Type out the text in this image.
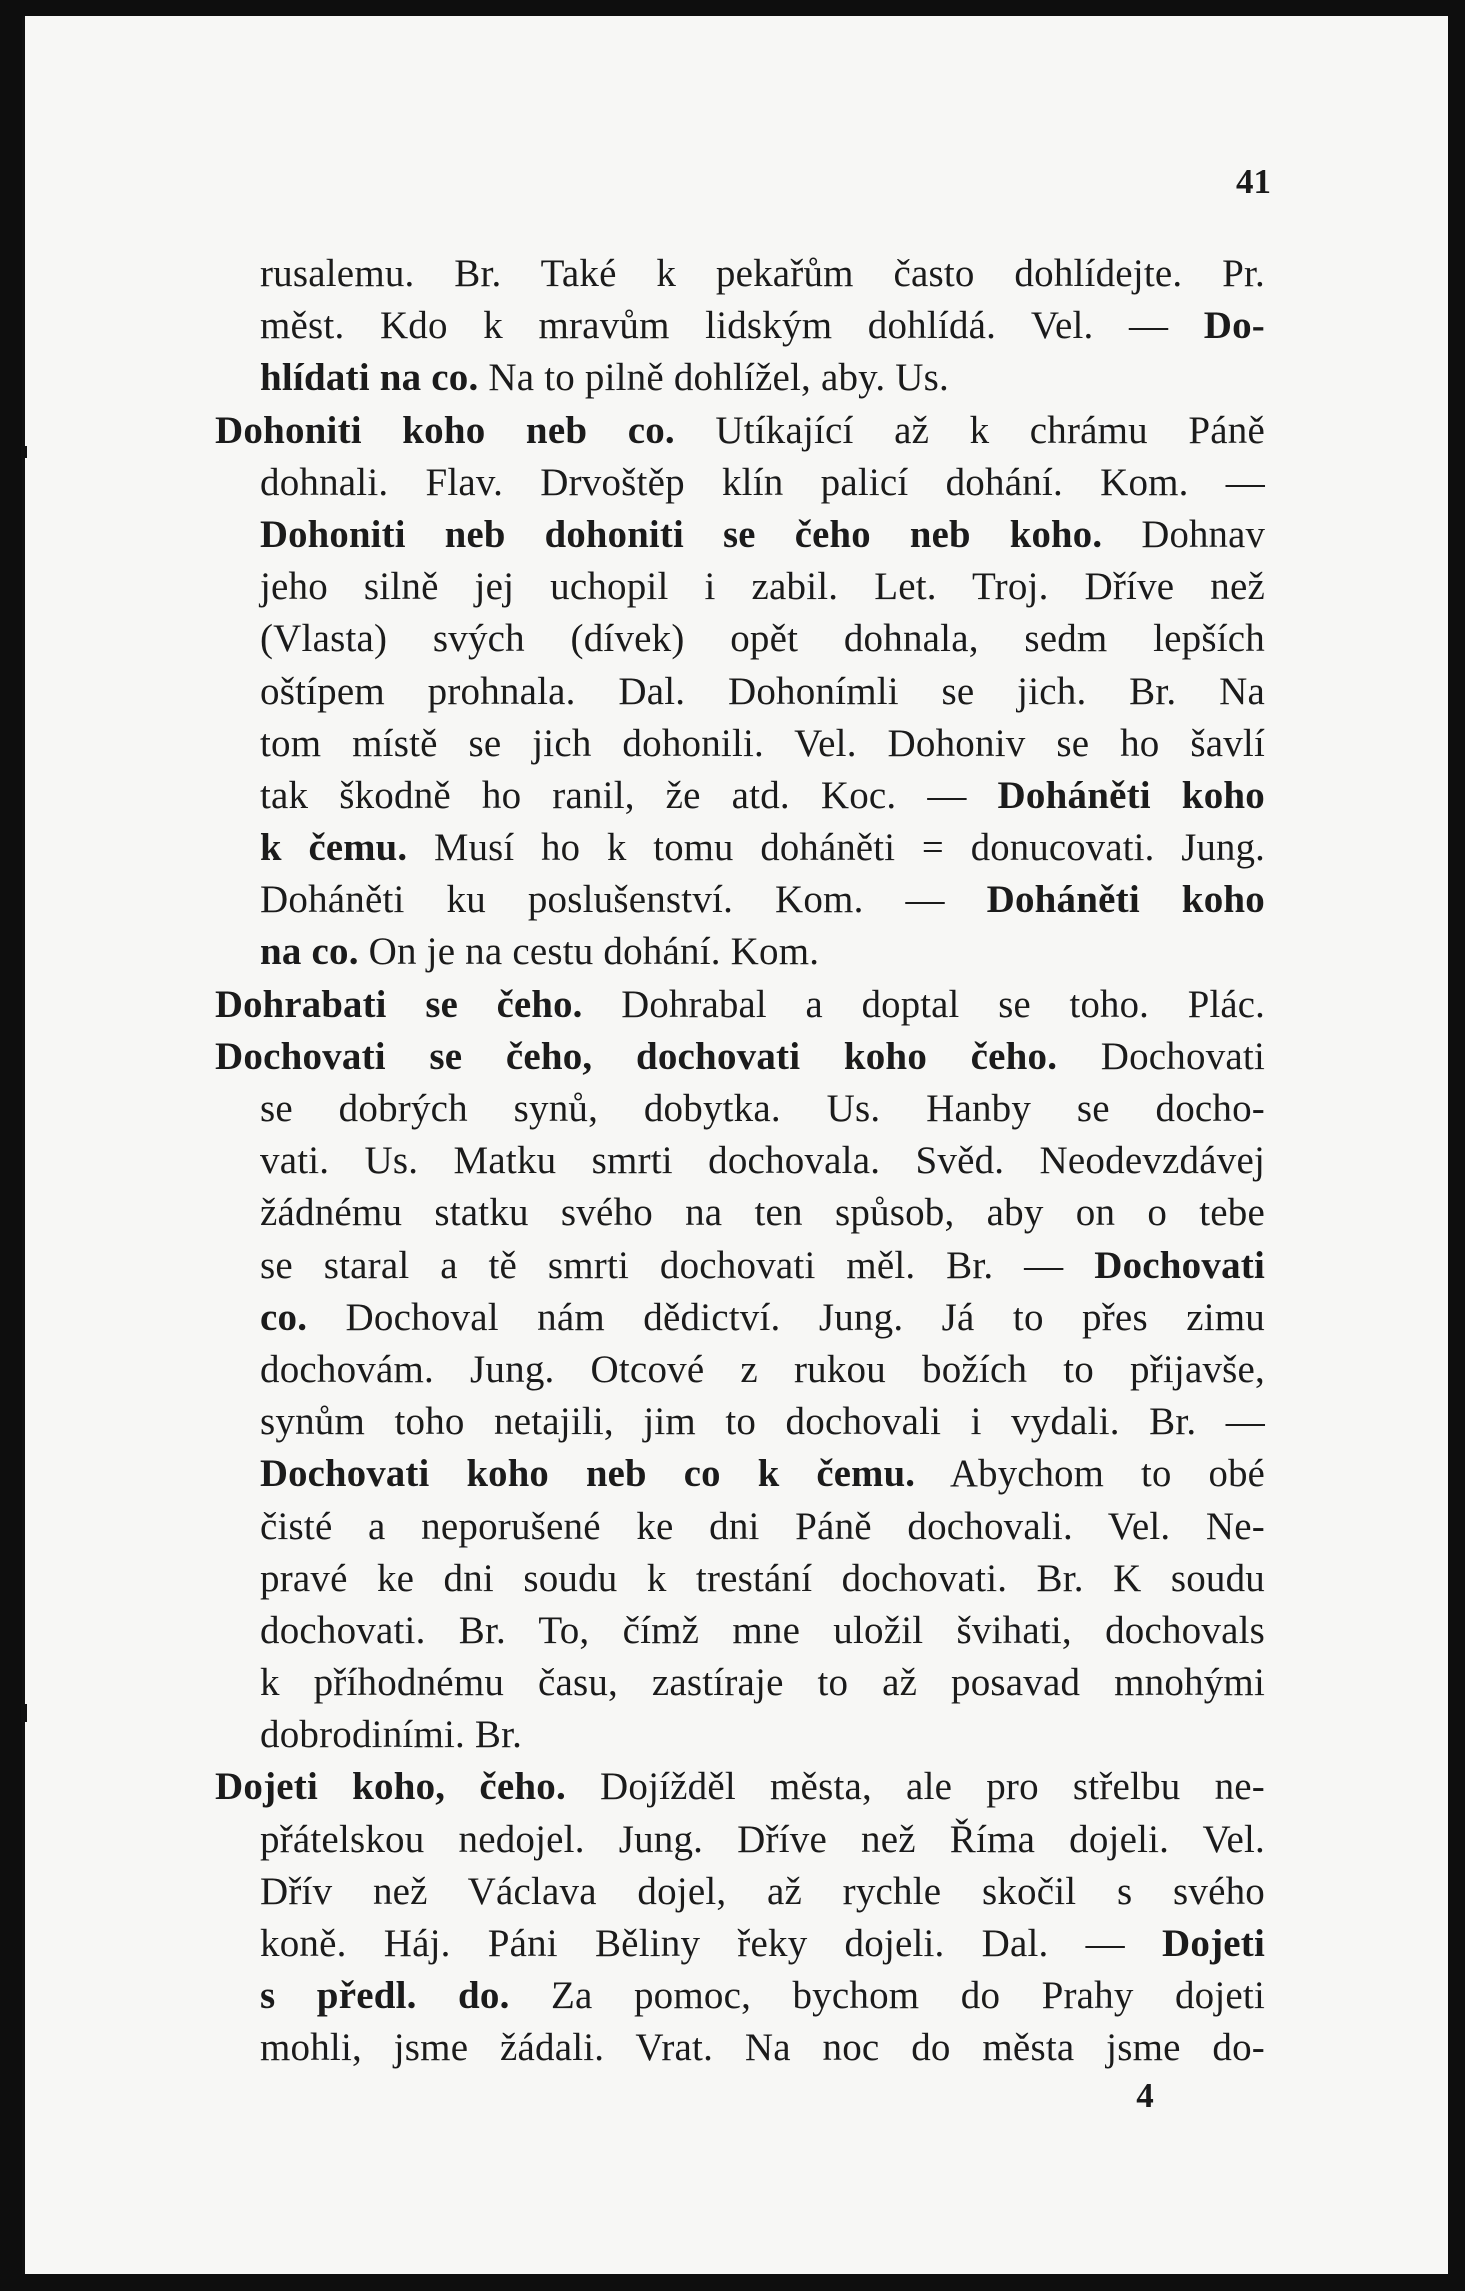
41

rusalemu. Br. Také k pekařům často dohlídejte. Pr.
měst. Kdo k mravům lidským dohlídá. Vel. — Do-
hlídati na co. Na to pilně dohlížel, aby. Us.
Dohoniti koho neb co. Utíkající až k chrámu Páně
dohnali. Flav. Drvoštěp klín palicí dohání. Kom. —
Dohoniti neb dohoniti se čeho neb koho. Dohnav
jeho silně jej uchopil i zabil. Let. Troj. Dříve než
(Vlasta) svých (dívek) opět dohnala, sedm lepších
oštípem prohnala. Dal. Dohonímli se jich. Br. Na
tom místě se jich dohonili. Vel. Dohoniv se ho šavlí
tak škodně ho ranil, že atd. Koc. — Doháněti koho
k čemu. Musí ho k tomu doháněti = donucovati. Jung.
Doháněti ku poslušenství. Kom. — Doháněti koho
na co. On je na cestu dohání. Kom.
Dohrabati se čeho. Dohrabal a doptal se toho. Plác.
Dochovati se čeho, dochovati koho čeho. Dochovati
se dobrých synů, dobytka. Us. Hanby se docho-
vati. Us. Matku smrti dochovala. Svěd. Neodevzdávej
žádnému statku svého na ten spůsob, aby on o tebe
se staral a tě smrti dochovati měl. Br. — Dochovati
co. Dochoval nám dědictví. Jung. Já to přes zimu
dochovám. Jung. Otcové z rukou božích to přijavše,
synům toho netajili, jim to dochovali i vydali. Br. —
Dochovati koho neb co k čemu. Abychom to obé
čisté a neporušené ke dni Páně dochovali. Vel. Ne-
pravé ke dni soudu k trestání dochovati. Br. K soudu
dochovati. Br. To, čímž mne uložil švihati, dochovals
k příhodnému času, zastíraje to až posavad mnohými
dobrodiními. Br.
Dojeti koho, čeho. Dojížděl města, ale pro střelbu ne-
přátelskou nedojel. Jung. Dříve než Říma dojeli. Vel.
Dřív než Václava dojel, až rychle skočil s svého
koně. Háj. Páni Běliny řeky dojeli. Dal. — Dojeti
s předl. do. Za pomoc, bychom do Prahy dojeti
mohli, jsme žádali. Vrat. Na noc do města jsme do-

4
